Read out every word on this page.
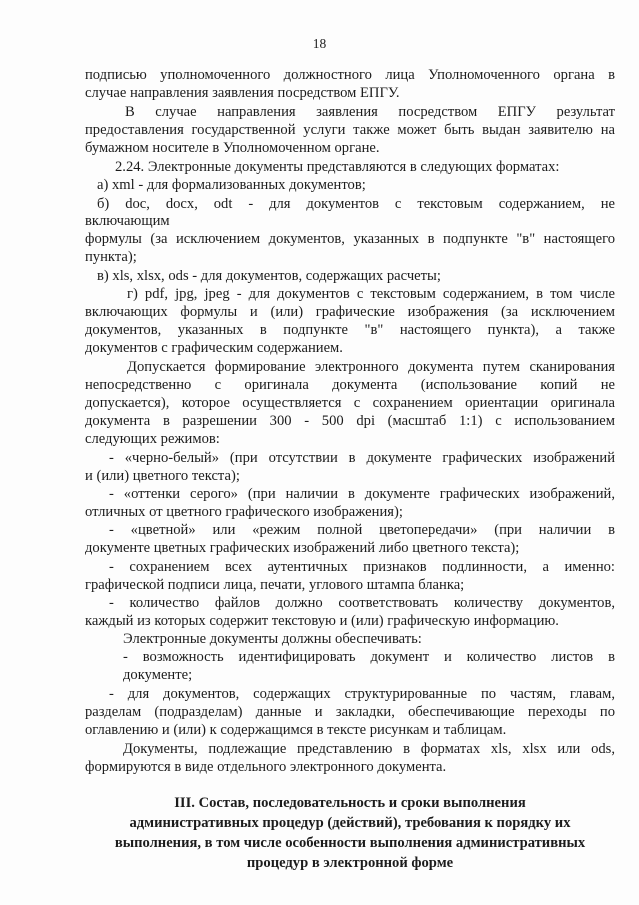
18
подписью уполномоченного должностного лица Уполномоченного органа в
случае направления заявления посредством ЕПГУ.
В случае направления заявления посредством ЕПГУ результат
предоставления государственной услуги также может быть выдан заявителю на
бумажном носителе в Уполномоченном органе.
2.24. Электронные документы представляются в следующих форматах:
а) xml - для формализованных документов;
б) doc, docx, odt - для документов с текстовым содержанием, не
включающим
формулы (за исключением документов, указанных в подпункте "в" настоящего
пункта);
в) xls, xlsx, ods - для документов, содержащих расчеты;
г) pdf, jpg, jpeg - для документов с текстовым содержанием, в том числе
включающих формулы и (или) графические изображения (за исключением
документов, указанных в подпункте "в" настоящего пункта), а также
документов с графическим содержанием.
Допускается формирование электронного документа путем сканирования
непосредственно с оригинала документа (использование копий не
допускается), которое осуществляется с сохранением ориентации оригинала
документа в разрешении 300 - 500 dpi (масштаб 1:1) с использованием
следующих режимов:
- «черно-белый» (при отсутствии в документе графических изображений
и (или) цветного текста);
- «оттенки серого» (при наличии в документе графических изображений,
отличных от цветного графического изображения);
- «цветной» или «режим полной цветопередачи» (при наличии в
документе цветных графических изображений либо цветного текста);
- сохранением всех аутентичных признаков подлинности, а именно:
графической подписи лица, печати, углового штампа бланка;
- количество файлов должно соответствовать количеству документов,
каждый из которых содержит текстовую и (или) графическую информацию.
Электронные документы должны обеспечивать:
- возможность идентифицировать документ и количество листов в
документе;
- для документов, содержащих структурированные по частям, главам,
разделам (подразделам) данные и закладки, обеспечивающие переходы по
оглавлению и (или) к содержащимся в тексте рисункам и таблицам.
Документы, подлежащие представлению в форматах xls, xlsx или ods,
формируются в виде отдельного электронного документа.
III. Состав, последовательность и сроки выполнения
административных процедур (действий), требования к порядку их
выполнения, в том числе особенности выполнения административных
процедур в электронной форме
